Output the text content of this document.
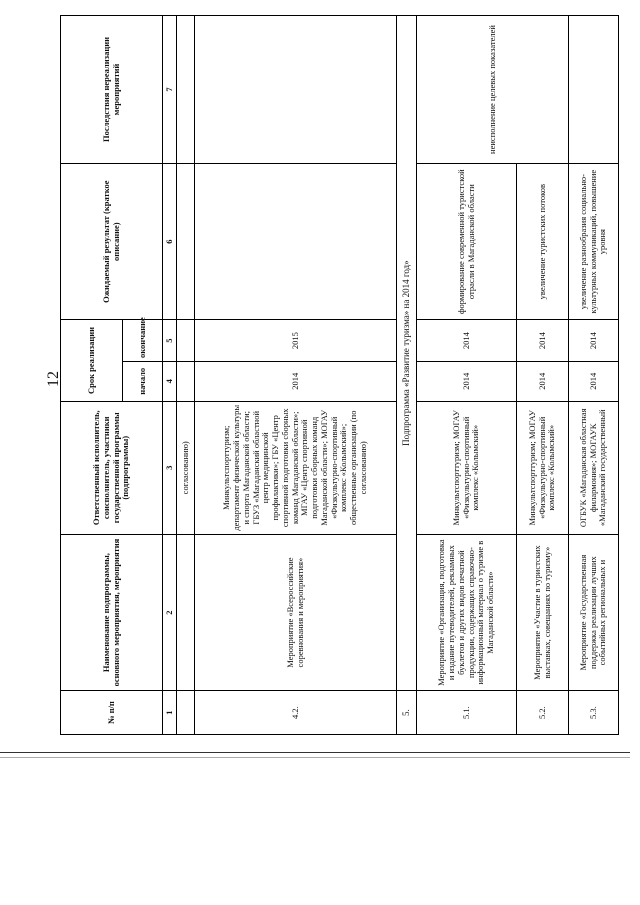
12
№ п/п	Наименование подпрограммы, основного мероприятия, мероприятия	Ответственный исполнитель, соисполнитель, участники государственной программы (подпрограммы)	Срок реализации		Ожидаемый результат (краткое описание)	Последствия нереализации мероприятий
			начало	окончание		
1	2	3	4	5	6	7
		согласованию)				
4.2.	Мероприятие «Всероссийские соревнования и мероприятия»	Минкультспорттуризм; департамент физической культуры и спорта Магаданской области; ГБУЗ «Магаданский областной центр медицинской профилактики»; ГБУ «Центр спортивной подготовки сборных команд Магаданской области»; МГАУ «Центр спортивной подготовки сборных команд Магаданской области»; МОГАУ «Физкультурно-спортивный комплекс «Колымский»; общественные организации (по согласованию)	2014	2015		
5.	Подпрограмма «Развитие туризма» на 2014 год»					
5.1.	Мероприятие «Организация, подготовка и издание путеводителей, рекламных буклетов и других видов печатной продукции, содержащих справочно-информационный материал о туризме в Магаданской области»	Минкультспорттуризм; МОГАУ «Физкультурно-спортивный комплекс «Колымский»	2014	2014	формирование современной туристской отрасли в Магаданской области	неисполнение целевых показателей
5.2.	Мероприятие «Участие в туристских выставках, совещаниях по туризму»	Минкультспорттуризм; МОГАУ «Физкультурно-спортивный комплекс «Колымский»	2014	2014	увеличение туристских потоков	
5.3.	Мероприятие «Государственная поддержка реализации лучших событийных региональных и	ОГБУК «Магаданская областная филармония»; МОГАУК «Магаданский государственный	2014	2014	увеличение разнообразия социально-культурных коммуникаций, повышение уровня	
